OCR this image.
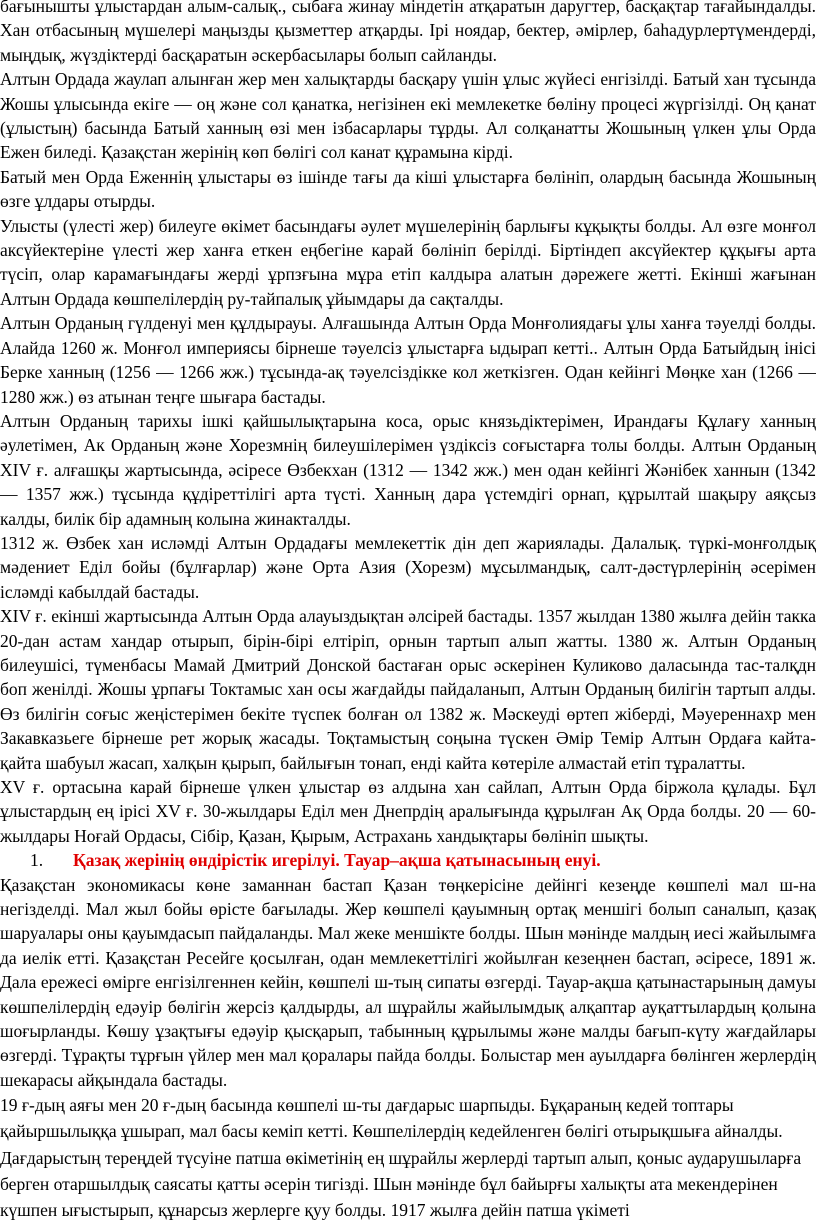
бағынышты ұлыстардан алым-салық., сыбаға жинау міндетін атқаратын даругтер, басқақтар тағайындалды. Хан отбасының мүшелері маңызды қызметтер атқарды. Ірі ноядар, бектер, әмірлер, баһадурлертүмендерді, мыңдық, жүздіктерді басқаратын әскербасылары болып сайланды.

Алтын Ордада жаулап алынған жер мен халықтарды басқару үшін ұлыс жүйесі енгізілді. Батый хан тұсында Жошы ұлысында екіге — оң және сол қанатка, негізінен екі мемлекетке бөліну процесі жүргізілді. Оң қанат (ұлыстың) басында Батый ханның өзі мен ізбасарлары тұрды. Ал солқанатты Жошының үлкен ұлы Орда Ежен биледі. Қазақстан жерінің көп бөлігі сол канат құрамына кірді.

Батый мен Орда Еженнің ұлыстары өз ішінде тағы да кіші ұлыстарға бөлініп, олардың басында Жошының өзге ұлдары отырды.

Улысты (үлесті жер) билеуге өкімет басындағы әулет мүшелерінің барлығы кұқықты болды. Ал өзге монғол аксүйектеріне үлесті жер ханға еткен еңбегіне карай бөлініп берілді. Біртіндеп аксүйектер құқығы арта түсіп, олар карамағындағы жерді ұрпзғына мұра етіп калдыра алатын дәрежеге жетті. Екінші жағынан Алтын Ордада көшпелілердің ру-тайпалық ұйымдары да сақталды.

Алтын Орданың гүлденуі мен құлдырауы. Алғашында Алтын Орда Монғолиядағы ұлы ханға тәуелді болды. Алайда 1260 ж. Монғол империясы бірнеше тәуелсіз ұлыстарға ыдырап кетті.. Алтын Орда Батыйдың інісі Берке ханның (1256 — 1266 жж.) тұсында-ақ тәуелсіздікке кол жеткізген. Одан кейінгі Мөңке хан (1266 — 1280 жж.) өз атынан теңге шығара бастады.

Алтын Орданың тарихы ішкі қайшылықтарына коса, орыс князьдіктерімен, Ирандағы Құлағу ханның әулетімен, Ак Орданың және Хорезмнің билеушілерімен үздіксіз соғыстарға толы болды. Алтын Орданың XIV ғ. алғашқы жартысында, әсіресе Өзбекхан (1312 — 1342 жж.) мен одан кейінгі Жәнібек ханнын (1342 — 1357 жж.) тұсында құдіреттілігі арта түсті. Ханның дара үстемдігі орнап, құрылтай шақыру аяқсыз калды, билік бір адамның колына жинакталды.

1312 ж. Өзбек хан исләмді Алтын Ордадағы мемлекеттік дін деп жариялады. Далалық. түркі-монғолдық мәдениет Еділ бойы (бұлғарлар) және Орта Азия (Хорезм) мұсылмандық, салт-дәстүрлерінің әсерімен ісләмді кабылдай бастады.

XIV ғ. екінші жартысында Алтын Орда алауыздықтан әлсірей бастады. 1357 жылдан 1380 жылға дейін такка 20-дан астам хандар отырып, бірін-бірі елтіріп, орнын тартып алып жатты. 1380 ж. Алтын Орданың билеушісі, түменбасы Мамай Дмитрий Донской бастаған орыс әскерінен Куликово даласында тас-талқдн боп женілді. Жошы ұрпағы Токтамыс хан осы жағдайды пайдаланып, Алтын Орданың билігін тартып алды. Өз билігін соғыс жеңістерімен бекіте түспек болған ол 1382 ж. Мәскеуді өртеп жіберді, Мәуереннахр мен Закавказьеге бірнеше рет жорық жасады. Тоқтамыстың соңына түскен Әмір Темір Алтын Ордаға кайта-қайта шабуыл жасап, халқын қырып, байлығын тонап, енді кайта көтеріле алмастай етіп тұралатты.

XV ғ. ортасына карай бірнеше үлкен ұлыстар өз алдына хан сайлап, Алтын Орда біржола құлады. Бұл ұлыстардың ең ірісі XV ғ. 30-жылдары Еділ мен Днепрдің аралығында құрылған Ақ Орда болды. 20 — 60-жылдары Ноғай Ордасы, Сібір, Қазан, Қырым, Астрахань хандықтары бөлініп шықты.

1.	Қазақ жерінің өндірістік игерілуі. Тауар–ақша қатынасының енуі.

Қазақстан экономикасы көне заманнан бастап Қазан төңкерісіне дейінгі кезеңде көшпелі мал ш-на негізделді. Мал жыл бойы өрісте бағылады. Жер көшпелі қауымның ортақ меншігі болып саналып, қазақ шаруалары оны қауымдасып пайдаланды. Мал жеке меншікте болды. Шын мәнінде малдың иесі жайылымға да иелік етті. Қазақстан Ресейге қосылған, одан мемлекеттілігі жойылған кезеңнен бастап, әсіресе, 1891 ж. Дала ережесі өмірге енгізілгеннен кейін, көшпелі ш-тың сипаты өзгерді. Тауар-ақша қатынастарының дамуы көшпелілердің едәуір бөлігін жерсіз қалдырды, ал шұрайлы жайылымдық алқаптар ауқаттылардың қолына шоғырланды. Көшу ұзақтығы едәуір қысқарып, табынның құрылымы және малды бағып-күту жағдайлары өзгерді. Тұрақты тұрғын үйлер мен мал қоралары пайда болды. Болыстар мен ауылдарға бөлінген жерлердің шекарасы айқындала бастады.

19 ғ-дың аяғы мен 20 ғ-дың басында көшпелі ш-ты дағдарыс шарпыды. Бұқараның кедей топтары қайыршылыққа ұшырап, мал басы кеміп кетті. Көшпелілердің кедейленген бөлігі отырықшыға айналды. Дағдарыстың тереңдей түсуіне патша өкіметінің ең шұрайлы жерлерді тартып алып, қоныс аударушыларға берген отаршылдық саясаты қатты әсерін тигізді. Шын мәнінде бұл байырғы халықты ата мекендерінен күшпен ығыстырып, құнарсыз жерлерге қуу болды. 1917 жылға дейін патша үкіметі
